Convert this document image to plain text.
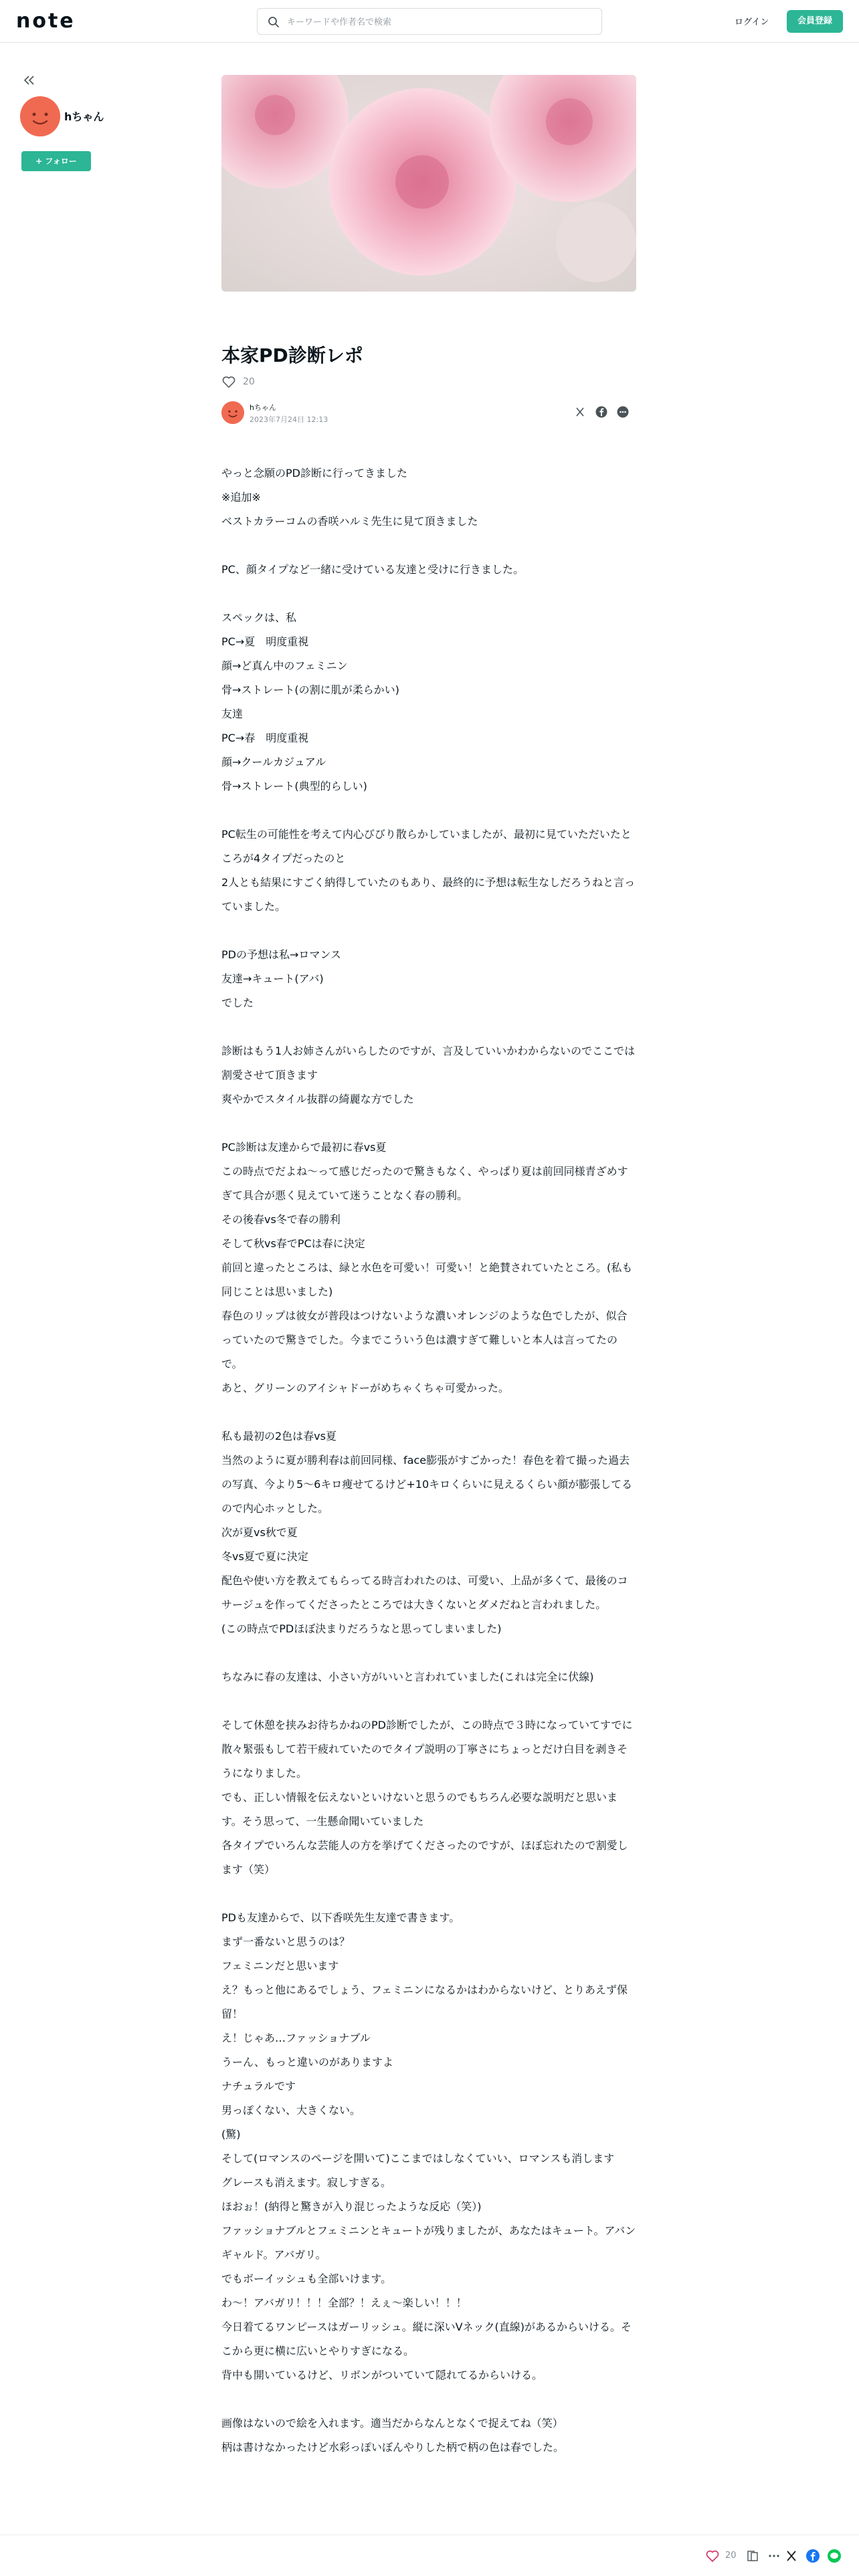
note
キーワードや作者名で検索	ログイン	会員登録
hちゃん
+ フォロー
本家PD診断レポ
20
hちゃん
2023年7月24日 12:13

やっと念願のPD診断に行ってきました

※追加※

ベストカラーコムの香咲ハルミ先生に見て頂きました

PC、顔タイプなど一緒に受けている友達と受けに行きました。

スペックは、私

PC→夏　明度重視

顔→ど真ん中のフェミニン

骨→ストレート(の割に肌が柔らかい)

友達

PC→春　明度重視

顔→クールカジュアル

骨→ストレート(典型的らしい)

PC転生の可能性を考えて内心びびり散らかしていましたが、最初に見ていただいたところが4タイプだったのと

2人とも結果にすごく納得していたのもあり、最終的に予想は転生なしだろうねと言っていました。

PDの予想は私→ロマンス

友達→キュート(アバ)

でした

診断はもう1人お姉さんがいらしたのですが、言及していいかわからないのでここでは割愛させて頂きます

爽やかでスタイル抜群の綺麗な方でした

PC診断は友達からで最初に春vs夏

この時点でだよね〜って感じだったので驚きもなく、やっぱり夏は前回同様青ざめすぎて具合が悪く見えていて迷うことなく春の勝利。

その後春vs冬で春の勝利

そして秋vs春でPCは春に決定

前回と違ったところは、緑と水色を可愛い！可愛い！と絶賛されていたところ。(私も同じことは思いました)

春色のリップは彼女が普段はつけないような濃いオレンジのような色でしたが、似合っていたので驚きでした。今までこういう色は濃すぎて難しいと本人は言ってたので。

あと、グリーンのアイシャドーがめちゃくちゃ可愛かった。

私も最初の2色は春vs夏

当然のように夏が勝利春は前回同様、face膨張がすごかった！春色を着て撮った過去の写真、今より5〜6キロ痩せてるけど+10キロくらいに見えるくらい顔が膨張してるので内心ホッとした。

次が夏vs秋で夏

冬vs夏で夏に決定

配色や使い方を教えてもらってる時言われたのは、可愛い、上品が多くて、最後のコサージュを作ってくださったところでは大きくないとダメだねと言われました。

(この時点でPDほぼ決まりだろうなと思ってしまいました)

ちなみに春の友達は、小さい方がいいと言われていました(これは完全に伏線)

そして休憩を挟みお待ちかねのPD診断でしたが、この時点で３時になっていてすでに散々緊張もして若干疲れていたのでタイプ説明の丁寧さにちょっとだけ白目を剥きそうになりました。

でも、正しい情報を伝えないといけないと思うのでもちろん必要な説明だと思います。そう思って、一生懸命聞いていました

各タイプでいろんな芸能人の方を挙げてくださったのですが、ほぼ忘れたので割愛します（笑）

PDも友達からで、以下香咲先生友達で書きます。

まず一番ないと思うのは？

フェミニンだと思います

え？もっと他にあるでしょう、フェミニンになるかはわからないけど、とりあえず保留！

え！じゃあ…ファッショナブル

うーん、もっと違いのがありますよ

ナチュラルです

男っぽくない、大きくない。

(驚)

そして(ロマンスのページを開いて)ここまではしなくていい、ロマンスも消します

グレースも消えます。寂しすぎる。

ほおぉ！(納得と驚きが入り混じったような反応（笑）)

ファッショナブルとフェミニンとキュートが残りましたが、あなたはキュート。アバンギャルド。アバガリ。

でもボーイッシュも全部いけます。

わ〜！アバガリ！！！全部？！えぇ〜楽しい！！！

今日着てるワンピースはガーリッシュ。縦に深いVネック(直線)があるからいける。そこから更に横に広いとやりすぎになる。

背中も開いているけど、リボンがついていて隠れてるからいける。

画像はないので絵を入れます。適当だからなんとなくで捉えてね（笑）

柄は書けなかったけど水彩っぽいぼんやりした柄で柄の色は春でした。

20
